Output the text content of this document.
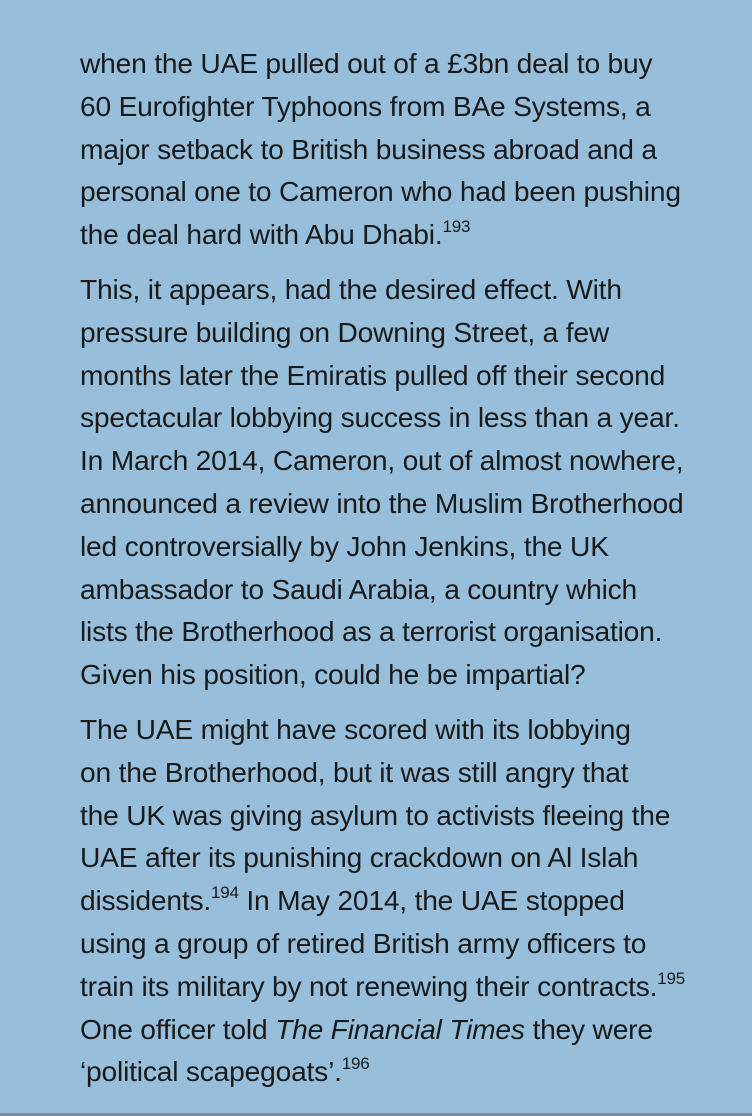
when the UAE pulled out of a £3bn deal to buy
60 Eurofighter Typhoons from BAe Systems, a
major setback to British business abroad and a
personal one to Cameron who had been pushing
the deal hard with Abu Dhabi.$^{193}$

This, it appears, had the desired effect. With
pressure building on Downing Street, a few
months later the Emiratis pulled off their second
spectacular lobbying success in less than a year.
In March 2014, Cameron, out of almost nowhere,
announced a review into the Muslim Brotherhood
led controversially by John Jenkins, the UK
ambassador to Saudi Arabia, a country which
lists the Brotherhood as a terrorist organisation.
Given his position, could he be impartial?

The UAE might have scored with its lobbying
on the Brotherhood, but it was still angry that
the UK was giving asylum to activists fleeing the
UAE after its punishing crackdown on Al Islah
dissidents.$^{194}$ In May 2014, the UAE stopped
using a group of retired British army officers to
train its military by not renewing their contracts.$^{195}$
One officer told The Financial Times they were
‘political scapegoats’.$^{196}$
